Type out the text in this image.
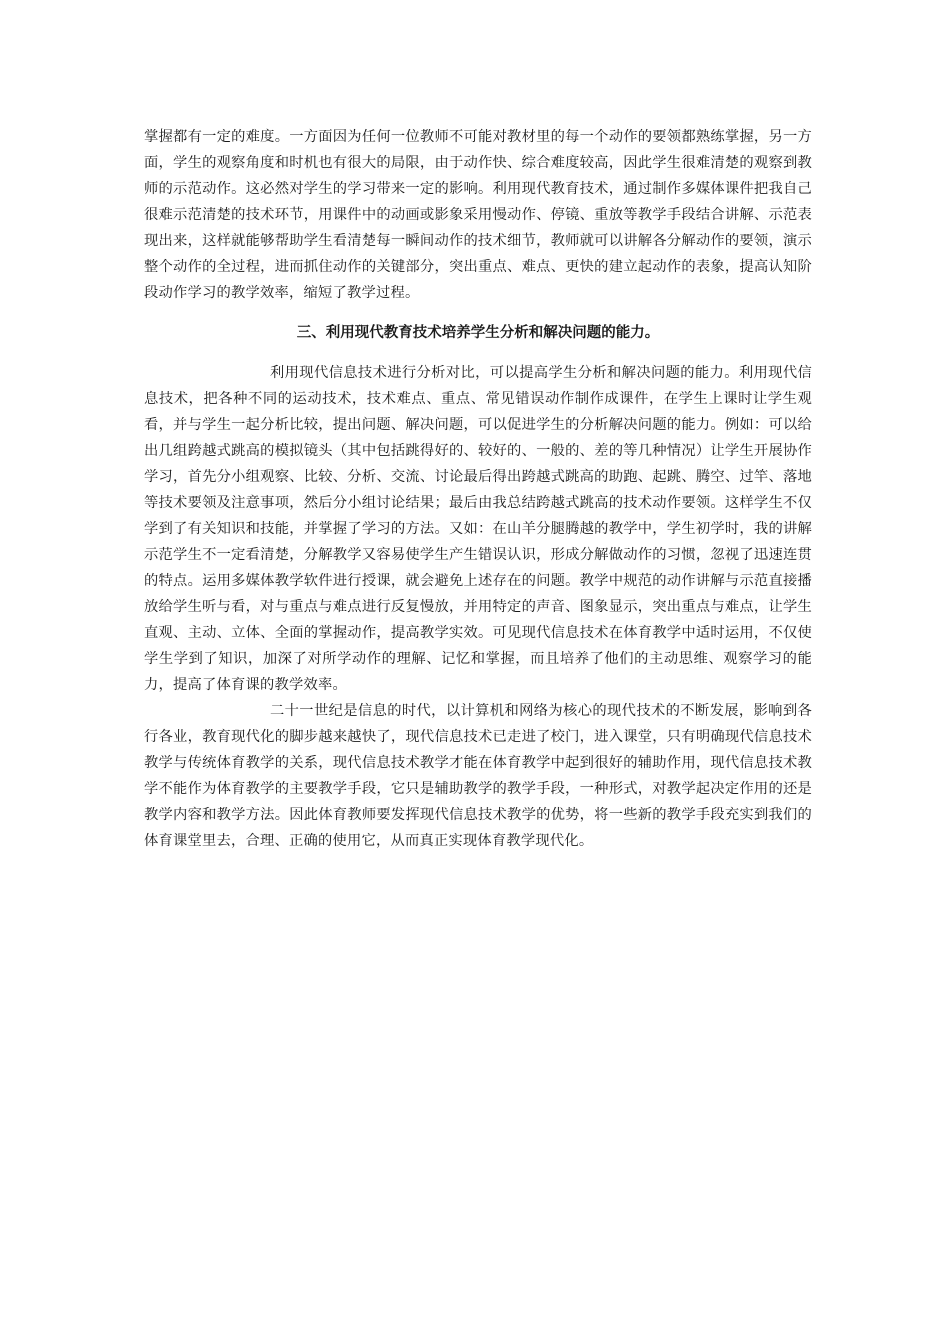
掌握都有一定的难度。一方面因为任何一位教师不可能对教材里的每一个动作的要领都熟练掌握，另一方面，学生的观察角度和时机也有很大的局限，由于动作快、综合难度较高，因此学生很难清楚的观察到教师的示范动作。这必然对学生的学习带来一定的影响。利用现代教育技术，通过制作多媒体课件把我自己很难示范清楚的技术环节，用课件中的动画或影象采用慢动作、停镜、重放等教学手段结合讲解、示范表现出来，这样就能够帮助学生看清楚每一瞬间动作的技术细节，教师就可以讲解各分解动作的要领，演示整个动作的全过程，进而抓住动作的关键部分，突出重点、难点、更快的建立起动作的表象，提高认知阶段动作学习的教学效率，缩短了教学过程。

三、利用现代教育技术培养学生分析和解决问题的能力。

利用现代信息技术进行分析对比，可以提高学生分析和解决问题的能力。利用现代信息技术，把各种不同的运动技术，技术难点、重点、常见错误动作制作成课件，在学生上课时让学生观看，并与学生一起分析比较，提出问题、解决问题，可以促进学生的分析解决问题的能力。例如：可以给出几组跨越式跳高的模拟镜头（其中包括跳得好的、较好的、一般的、差的等几种情况）让学生开展协作学习，首先分小组观察、比较、分析、交流、讨论最后得出跨越式跳高的助跑、起跳、腾空、过竿、落地等技术要领及注意事项，然后分小组讨论结果；最后由我总结跨越式跳高的技术动作要领。这样学生不仅学到了有关知识和技能，并掌握了学习的方法。又如：在山羊分腿腾越的教学中，学生初学时，我的讲解示范学生不一定看清楚，分解教学又容易使学生产生错误认识，形成分解做动作的习惯，忽视了迅速连贯的特点。运用多媒体教学软件进行授课，就会避免上述存在的问题。教学中规范的动作讲解与示范直接播放给学生听与看，对与重点与难点进行反复慢放，并用特定的声音、图象显示，突出重点与难点，让学生直观、主动、立体、全面的掌握动作，提高教学实效。可见现代信息技术在体育教学中适时运用，不仅使学生学到了知识，加深了对所学动作的理解、记忆和掌握，而且培养了他们的主动思维、观察学习的能力，提高了体育课的教学效率。

二十一世纪是信息的时代，以计算机和网络为核心的现代技术的不断发展，影响到各行各业，教育现代化的脚步越来越快了，现代信息技术已走进了校门，进入课堂，只有明确现代信息技术教学与传统体育教学的关系，现代信息技术教学才能在体育教学中起到很好的辅助作用，现代信息技术教学不能作为体育教学的主要教学手段，它只是辅助教学的教学手段，一种形式，对教学起决定作用的还是教学内容和教学方法。因此体育教师要发挥现代信息技术教学的优势，将一些新的教学手段充实到我们的体育课堂里去，合理、正确的使用它，从而真正实现体育教学现代化。
